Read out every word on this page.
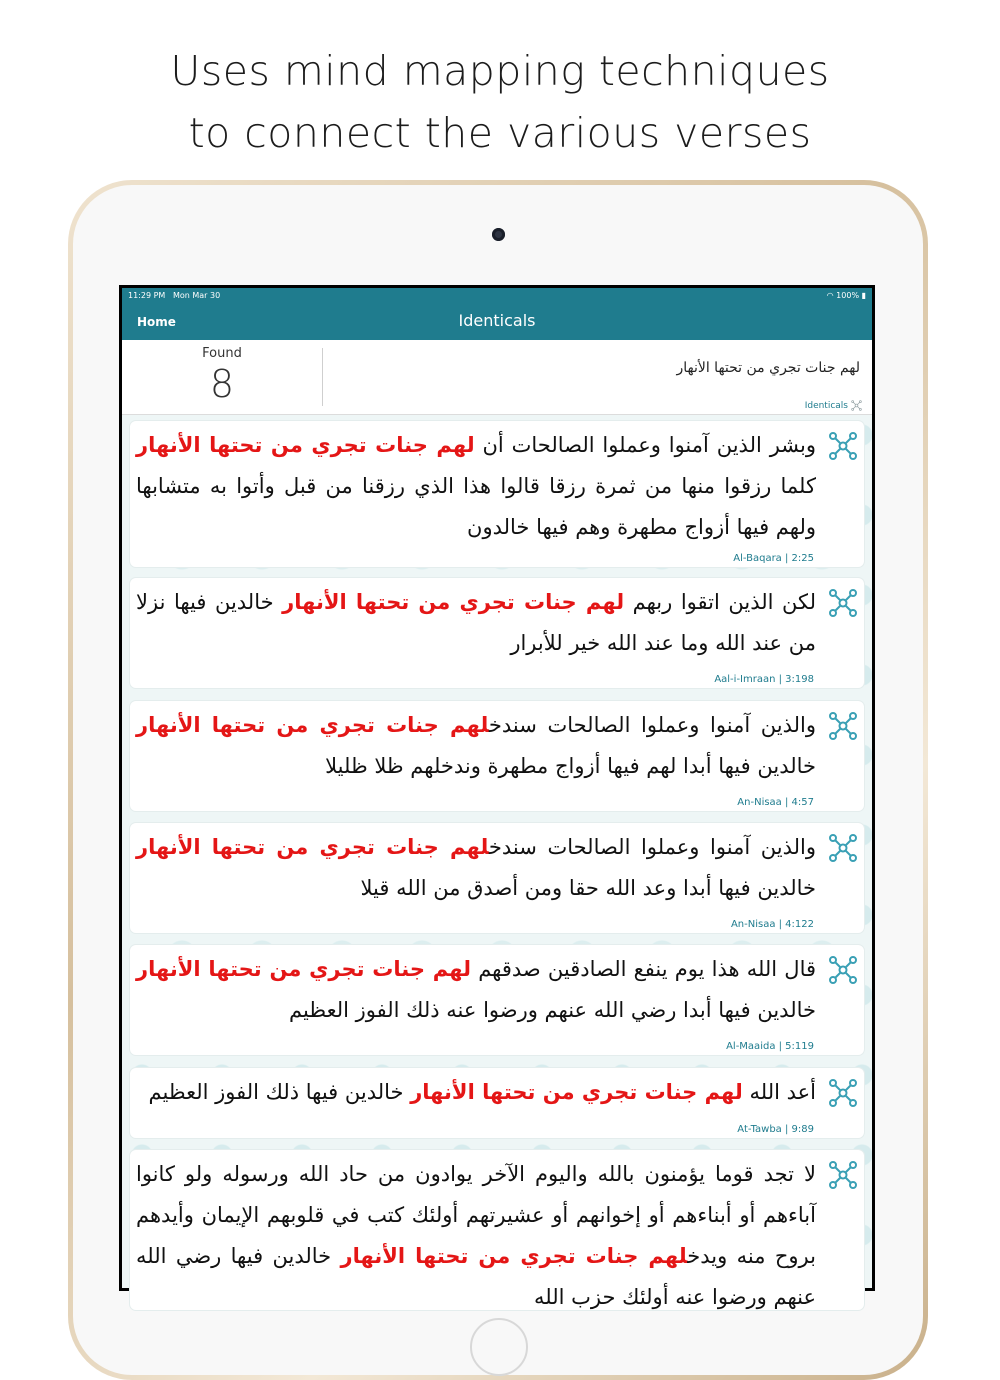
Uses mind mapping techniques
to connect the various verses
11:29 PM Mon Mar 30	◠ 100% ▮
Home	Identicals
Found
8	لهم جنات تجري من تحتها الأنهار
Identicals
وبشر الذين آمنوا وعملوا الصالحات أن لهم جنات تجري من تحتها الأنهار كلما رزقوا منها من ثمرة رزقا قالوا هذا الذي رزقنا من قبل وأتوا به متشابها ولهم فيها أزواج مطهرة وهم فيها خالدون
Al-Baqara | 2:25
لكن الذين اتقوا ربهم لهم جنات تجري من تحتها الأنهار خالدين فيها نزلا من عند الله وما عند الله خير للأبرار
Aal-i-Imraan | 3:198
والذين آمنوا وعملوا الصالحات سندخلهم جنات تجري من تحتها الأنهار خالدين فيها أبدا لهم فيها أزواج مطهرة وندخلهم ظلا ظليلا
An-Nisaa | 4:57
والذين آمنوا وعملوا الصالحات سندخلهم جنات تجري من تحتها الأنهار خالدين فيها أبدا وعد الله حقا ومن أصدق من الله قيلا
An-Nisaa | 4:122
قال الله هذا يوم ينفع الصادقين صدقهم لهم جنات تجري من تحتها الأنهار خالدين فيها أبدا رضي الله عنهم ورضوا عنه ذلك الفوز العظيم
Al-Maaida | 5:119
أعد الله لهم جنات تجري من تحتها الأنهار خالدين فيها ذلك الفوز العظيم
At-Tawba | 9:89
لا تجد قوما يؤمنون بالله واليوم الآخر يوادون من حاد الله ورسوله ولو كانوا آباءهم أو أبناءهم أو إخوانهم أو عشيرتهم أولئك كتب في قلوبهم الإيمان وأيدهم بروح منه ويدخلهم جنات تجري من تحتها الأنهار خالدين فيها رضي الله عنهم ورضوا عنه أولئك حزب الله
